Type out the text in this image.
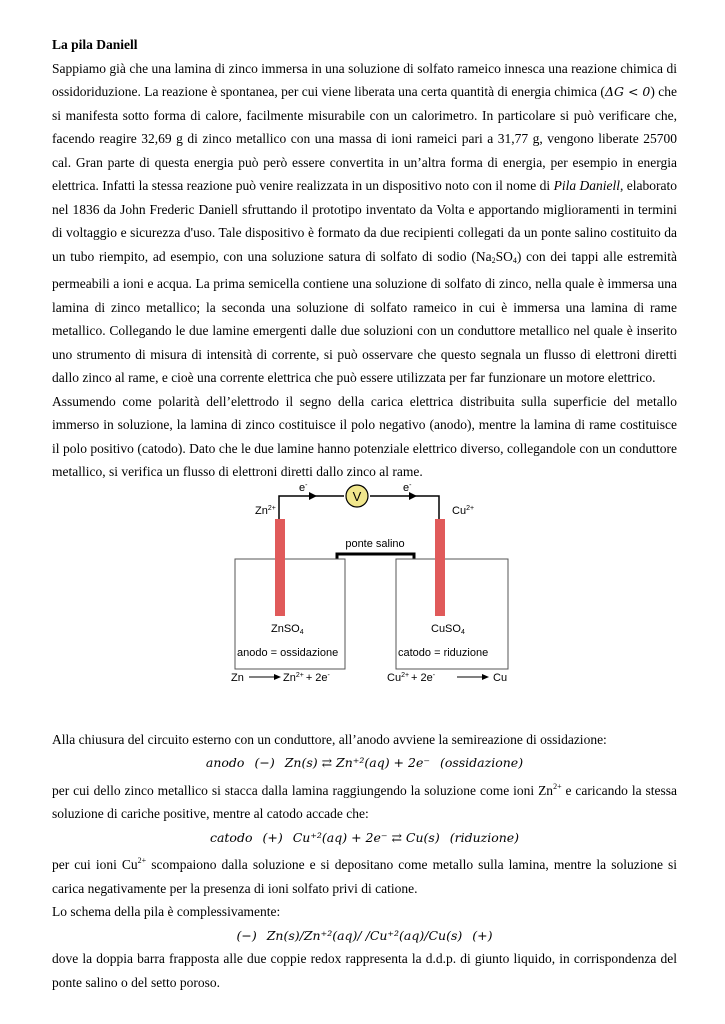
La pila Daniell

Sappiamo già che una lamina di zinco immersa in una soluzione di solfato rameico innesca una reazione chimica di ossidoriduzione. La reazione è spontanea, per cui viene liberata una certa quantità di energia chimica (ΔG < 0) che si manifesta sotto forma di calore, facilmente misurabile con un calorimetro. In particolare si può verificare che, facendo reagire 32,69 g di zinco metallico con una massa di ioni rameici pari a 31,77 g, vengono liberate 25700 cal. Gran parte di questa energia può però essere convertita in un’altra forma di energia, per esempio in energia elettrica. Infatti la stessa reazione può venire realizzata in un dispositivo noto con il nome di Pila Daniell, elaborato nel 1836 da John Frederic Daniell sfruttando il prototipo inventato da Volta e apportando miglioramenti in termini di voltaggio e sicurezza d'uso. Tale dispositivo è formato da due recipienti collegati da un ponte salino costituito da un tubo riempito, ad esempio, con una soluzione satura di solfato di sodio $(Na_2SO_4)$ con dei tappi alle estremità permeabili a ioni e acqua. La prima semicella contiene una soluzione di solfato di zinco, nella quale è immersa una lamina di zinco metallico; la seconda una soluzione di solfato rameico in cui è immersa una lamina di rame metallico. Collegando le due lamine emergenti dalle due soluzioni con un conduttore metallico nel quale è inserito uno strumento di misura di intensità di corrente, si può osservare che questo segnala un flusso di elettroni diretti dallo zinco al rame, e cioè una corrente elettrica che può essere utilizzata per far funzionare un motore elettrico.

Assumendo come polarità dell’elettrodo il segno della carica elettrica distribuita sulla superficie del metallo immerso in soluzione, la lamina di zinco costituisce il polo negativo (anodo), mentre la lamina di rame costituisce il polo positivo (catodo). Dato che le due lamine hanno potenziale elettrico diverso, collegandole con un conduttore metallico, si verifica un flusso di elettroni diretti dallo zinco al rame.

V
e-	e-
$Zn^{2+}$	$Cu^{2+}$
ponte salino
ZnSO4	CuSO4
anodo = ossidazione	catodo = riduzione
Zn	$Zn^{2+} + 2e^-$	$Cu^{2+} + 2e^-$	Cu

Alla chiusura del circuito esterno con un conduttore, all’anodo avviene la semireazione di ossidazione:

anodo (−) Zn(s) ⇄ Zn⁺²(aq) + 2e⁻ (ossidazione)

per cui dello zinco metallico si stacca dalla lamina raggiungendo la soluzione come ioni $Zn^{2+}$ e caricando la stessa soluzione di cariche positive, mentre al catodo accade che:

catodo (+) Cu⁺²(aq) + 2e⁻ ⇄ Cu(s) (riduzione)

per cui ioni $Cu^{2+}$ scompaiono dalla soluzione e si depositano come metallo sulla lamina, mentre la soluzione si carica negativamente per la presenza di ioni solfato privi di catione.

Lo schema della pila è complessivamente:

(−) Zn(s)/Zn⁺²(aq)/ /Cu⁺²(aq)/Cu(s) (+)

dove la doppia barra frapposta alle due coppie redox rappresenta la d.d.p. di giunto liquido, in corrispondenza del ponte salino o del setto poroso.
